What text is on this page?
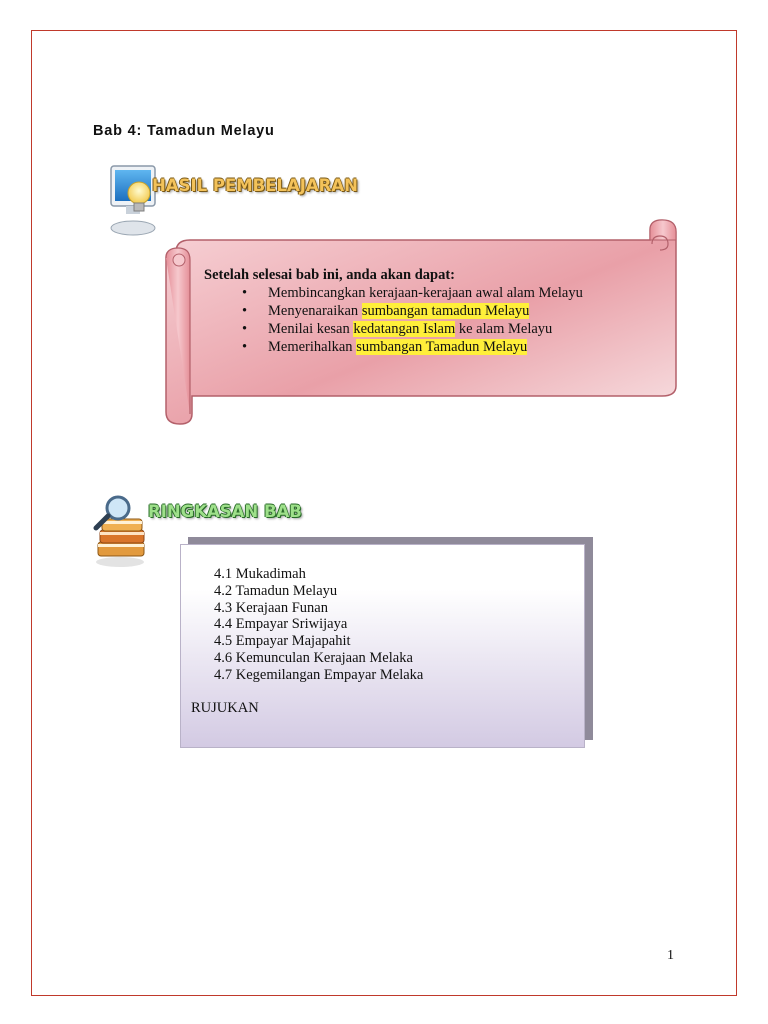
Bab 4: Tamadun Melayu
HASIL PEMBELAJARAN
Setelah selesai bab ini, anda akan dapat:
• Membincangkan kerajaan-kerajaan awal alam Melayu
• Menyenaraikan sumbangan tamadun Melayu
• Menilai kesan kedatangan Islam ke alam Melayu
• Memerihalkan sumbangan Tamadun Melayu
RINGKASAN BAB
4.1 Mukadimah
4.2 Tamadun Melayu
4.3 Kerajaan Funan
4.4 Empayar Sriwijaya
4.5 Empayar Majapahit
4.6 Kemunculan Kerajaan Melaka
4.7 Kegemilangan Empayar Melaka
RUJUKAN
1
